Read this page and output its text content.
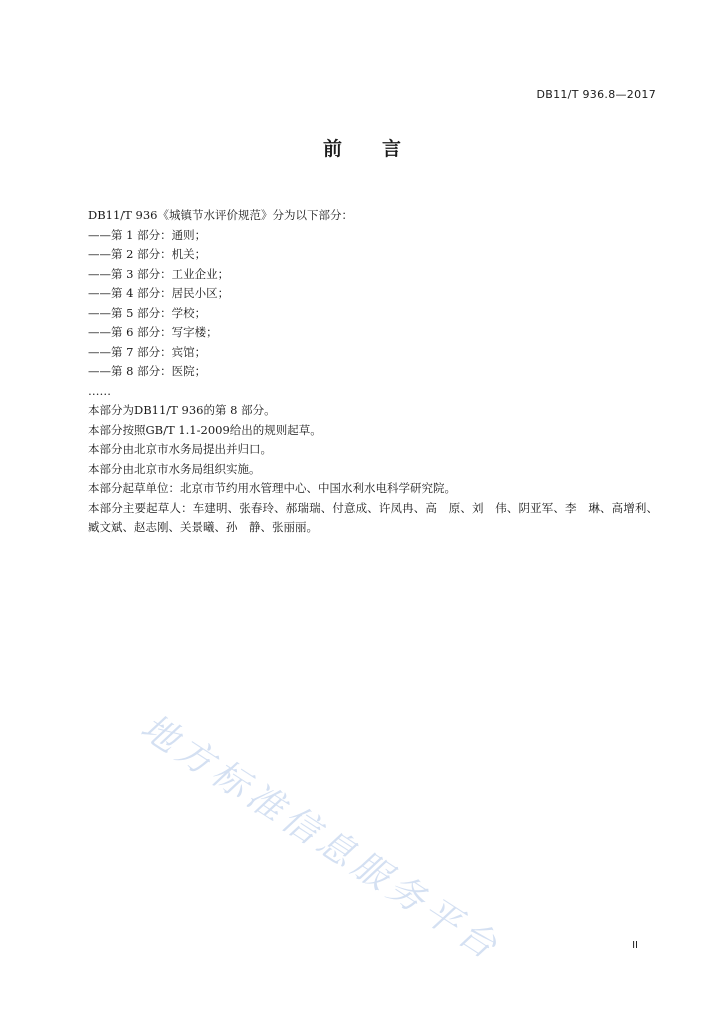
DB11/T 936.8—2017
前言
DB11/T 936《城镇节水评价规范》分为以下部分：
——第 1 部分：通则；
——第 2 部分：机关；
——第 3 部分：工业企业；
——第 4 部分：居民小区；
——第 5 部分：学校；
——第 6 部分：写字楼；
——第 7 部分：宾馆；
——第 8 部分：医院；
……
本部分为DB11/T 936的第 8 部分。
本部分按照GB/T 1.1-2009给出的规则起草。
本部分由北京市水务局提出并归口。
本部分由北京市水务局组织实施。
本部分起草单位：北京市节约用水管理中心、中国水利水电科学研究院。
本部分主要起草人：车建明、张春玲、郝瑞瑞、付意成、许凤冉、高　原、刘　伟、阴亚军、李　琳、高增利、臧文斌、赵志刚、关景曦、孙　静、张丽丽。
地方标准信息服务平台	II
